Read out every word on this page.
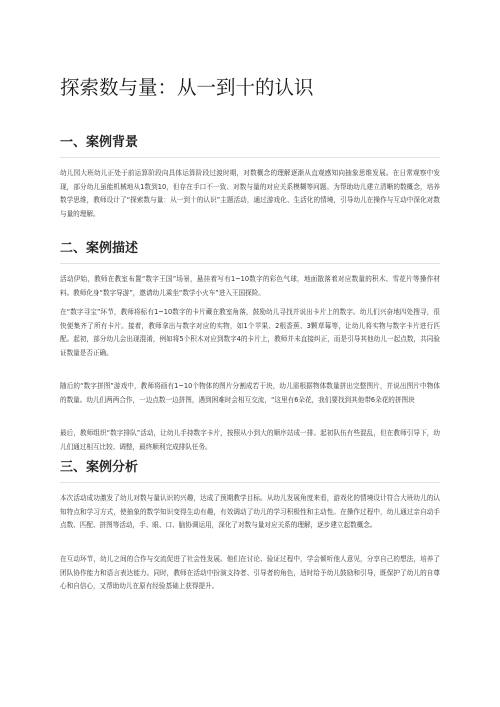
探索数与量：从一到十的认识
一、案例背景
幼儿园大班幼儿正处于前运算阶段向具体运算阶段过渡时期，对数概念的理解逐渐从直观感知向抽象思维发展。在日常观察中发现，部分幼儿虽能机械地从1数到10，但存在手口不一致、对数与量的对应关系模糊等问题。为帮助幼儿建立清晰的数概念，培养数学思维，教师设计了“探索数与量：从一到十的认识”主题活动，通过游戏化、生活化的情境，引导幼儿在操作与互动中深化对数与量的理解。
二、案例描述
活动伊始，教师在教室布置“数字王国”场景，悬挂着写有1~10数字的彩色气球，地面散落着对应数量的积木、雪花片等操作材料。教师化身“数字导游”，邀请幼儿乘坐“数学小火车”进入王国探险。
在“数字寻宝”环节，教师将标有1~10数字的卡片藏在教室角落，鼓励幼儿寻找并说出卡片上的数字。幼儿们兴奋地四处搜寻，很快便集齐了所有卡片。接着，教师拿出与数字对应的实物，如1个苹果、2根香蕉、3颗草莓等，让幼儿将实物与数字卡片进行匹配。起初，部分幼儿会出现混淆，例如将5个积木对应到数字4的卡片上，教师并未直接纠正，而是引导其他幼儿一起点数，共同验证数量是否正确。
随后的“数字拼图”游戏中，教师将画有1~10个物体的图片分割成若干块，幼儿需根据物体数量拼出完整图片，并说出图片中物体的数量。幼儿们两两合作，一边点数一边拼图，遇到困难时会相互交流，“这里有6朵花，我们要找到其他带6朵花的拼图块
最后，教师组织“数字排队”活动，让幼儿手持数字卡片，按照从小到大的顺序站成一排。起初队伍有些混乱，但在教师引导下，幼儿们通过相互比较、调整，最终顺利完成排队任务。
三、案例分析
本次活动成功激发了幼儿对数与量认识的兴趣，达成了预期教学目标。从幼儿发展角度来看，游戏化的情境设计符合大班幼儿的认知特点和学习方式，使抽象的数学知识变得生动有趣，有效调动了幼儿的学习积极性和主动性。在操作过程中，幼儿通过亲自动手点数、匹配、拼图等活动，手、眼、口、脑协调运用，深化了对数与量对应关系的理解，逐步建立起数概念。
在互动环节，幼儿之间的合作与交流促进了社会性发展。他们在讨论、验证过程中，学会倾听他人意见，分享自己的想法，培养了团队协作能力和语言表达能力。同时，教师在活动中扮演支持者、引导者的角色，适时给予幼儿鼓励和引导，既保护了幼儿的自尊心和自信心，又帮助幼儿在原有经验基础上获得提升。
